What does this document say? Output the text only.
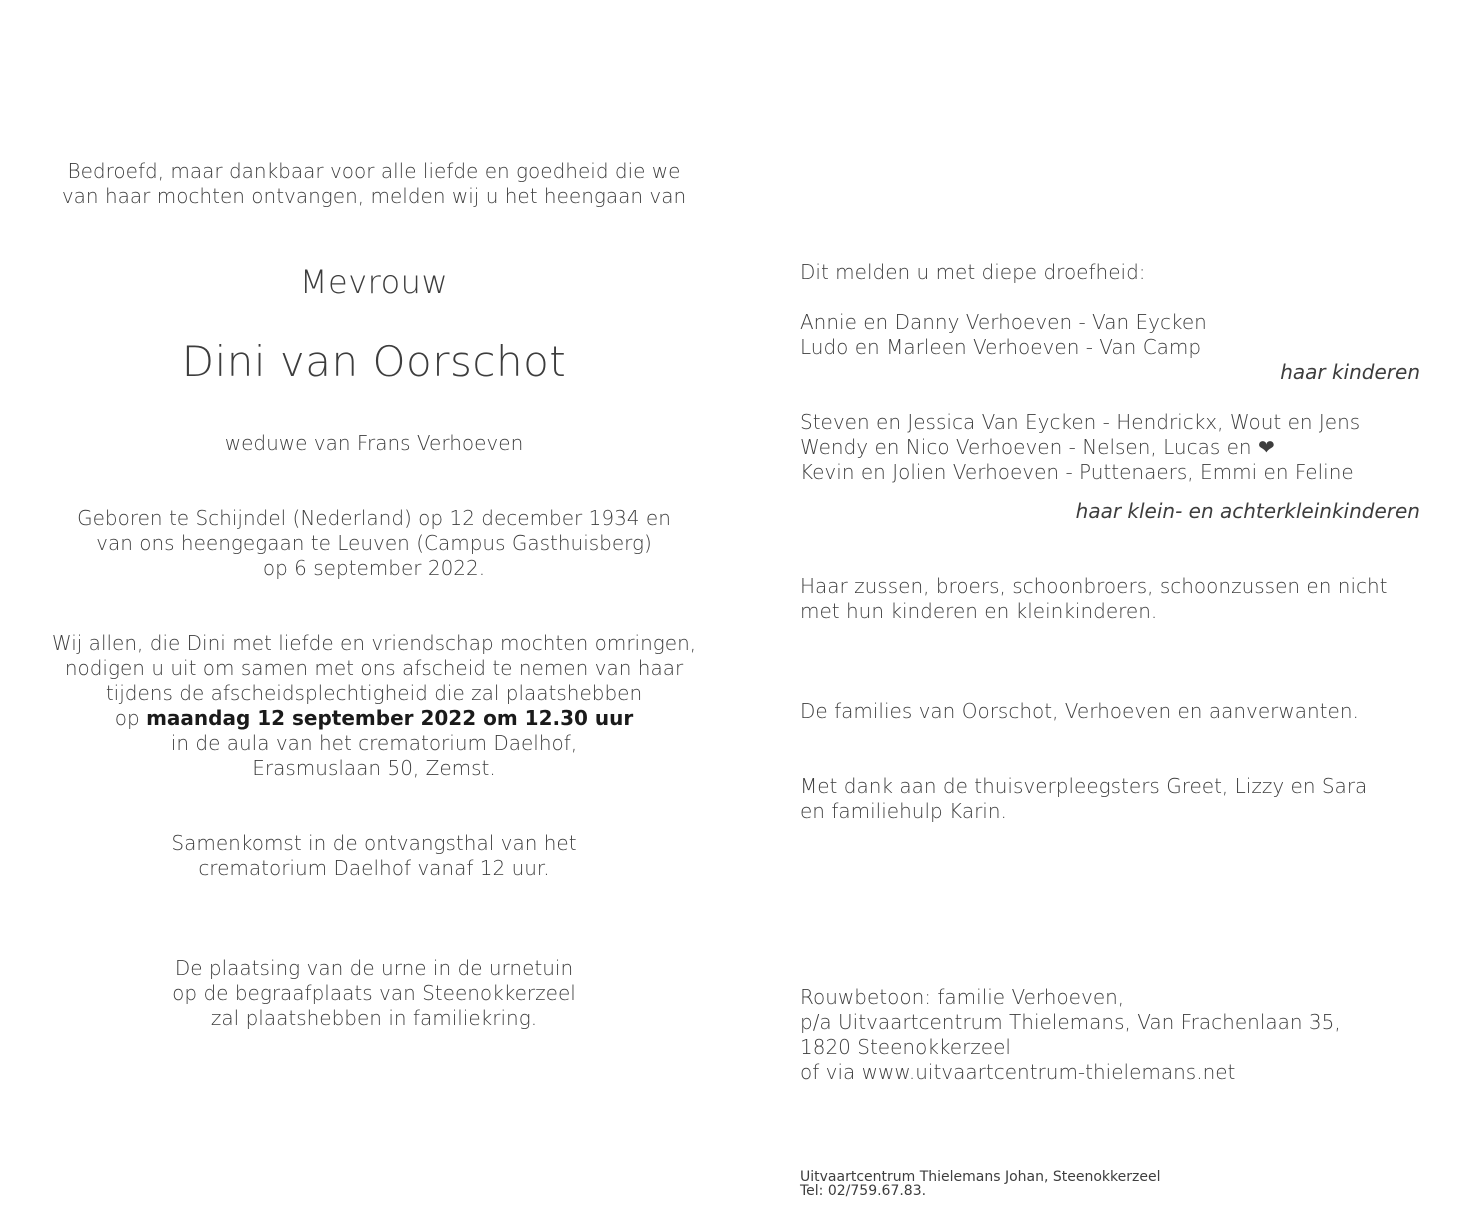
Bedroefd, maar dankbaar voor alle liefde en goedheid die we
van haar mochten ontvangen, melden wij u het heengaan van
Mevrouw
Dini van Oorschot
weduwe van Frans Verhoeven
Geboren te Schijndel (Nederland) op 12 december 1934 en
van ons heengegaan te Leuven (Campus Gasthuisberg)
op 6 september 2022.
Wij allen, die Dini met liefde en vriendschap mochten omringen,
nodigen u uit om samen met ons afscheid te nemen van haar
tijdens de afscheidsplechtigheid die zal plaatshebben
op maandag 12 september 2022 om 12.30 uur
in de aula van het crematorium Daelhof,
Erasmuslaan 50, Zemst.
Samenkomst in de ontvangsthal van het
crematorium Daelhof vanaf 12 uur.
De plaatsing van de urne in de urnetuin
op de begraafplaats van Steenokkerzeel
zal plaatshebben in familiekring.
Dit melden u met diepe droefheid:
Annie en Danny Verhoeven - Van Eycken
Ludo en Marleen Verhoeven - Van Camp
haar kinderen
Steven en Jessica Van Eycken - Hendrickx, Wout en Jens
Wendy en Nico Verhoeven - Nelsen, Lucas en ❤
Kevin en Jolien Verhoeven - Puttenaers, Emmi en Feline
haar klein- en achterkleinkinderen
Haar zussen, broers, schoonbroers, schoonzussen en nicht
met hun kinderen en kleinkinderen.
De families van Oorschot, Verhoeven en aanverwanten.
Met dank aan de thuisverpleegsters Greet, Lizzy en Sara
en familiehulp Karin.
Rouwbetoon: familie Verhoeven,
p/a Uitvaartcentrum Thielemans, Van Frachenlaan 35,
1820 Steenokkerzeel
of via www.uitvaartcentrum-thielemans.net
Uitvaartcentrum Thielemans Johan, Steenokkerzeel
Tel: 02/759.67.83.
